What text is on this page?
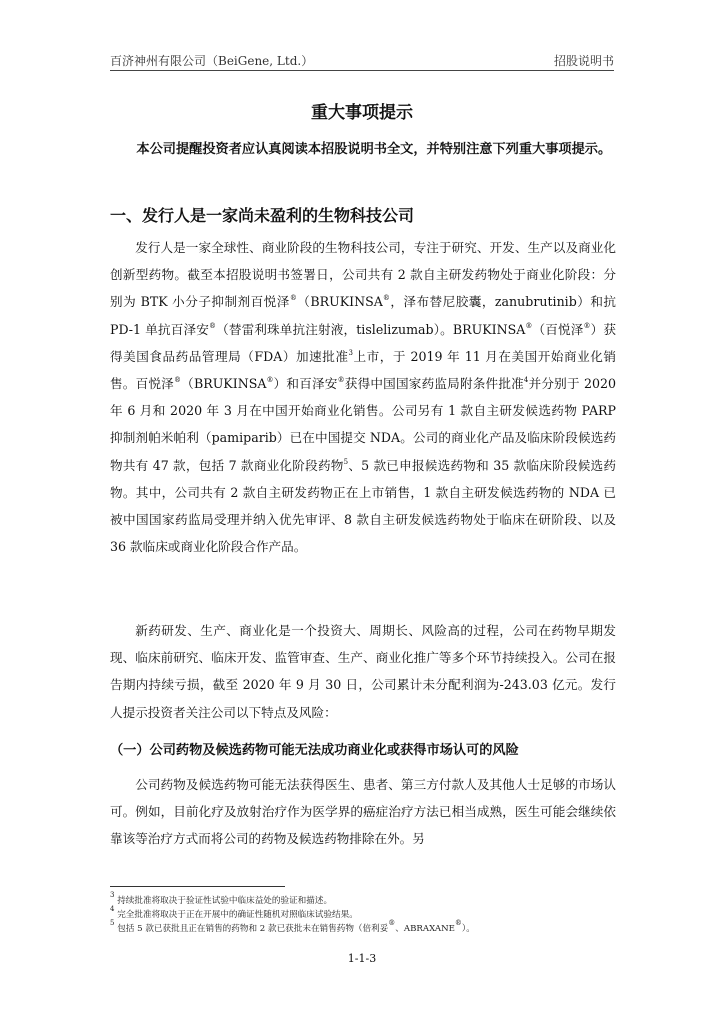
百济神州有限公司（BeiGene, Ltd.）	招股说明书
重大事项提示
本公司提醒投资者应认真阅读本招股说明书全文，并特别注意下列重大事项提示。
一、发行人是一家尚未盈利的生物科技公司
发行人是一家全球性、商业阶段的生物科技公司，专注于研究、开发、生产以及商业化创新型药物。截至本招股说明书签署日，公司共有 2 款自主研发药物处于商业化阶段：分别为 BTK 小分子抑制剂百悦泽®（BRUKINSA®，泽布替尼胶囊，zanubrutinib）和抗 PD-1 单抗百泽安®（替雷利珠单抗注射液，tislelizumab）。BRUKINSA®（百悦泽®）获得美国食品药品管理局（FDA）加速批准$^3$上市，于 2019 年 11 月在美国开始商业化销售。百悦泽®（BRUKINSA®）和百泽安®获得中国国家药监局附条件批准$^4$并分别于 2020 年 6 月和 2020 年 3 月在中国开始商业化销售。公司另有 1 款自主研发候选药物 PARP 抑制剂帕米帕利（pamiparib）已在中国提交 NDA。公司的商业化产品及临床阶段候选药物共有 47 款，包括 7 款商业化阶段药物$^5$、5 款已申报候选药物和 35 款临床阶段候选药物。其中，公司共有 2 款自主研发药物正在上市销售，1 款自主研发候选药物的 NDA 已被中国国家药监局受理并纳入优先审评、8 款自主研发候选药物处于临床在研阶段、以及 36 款临床或商业化阶段合作产品。
新药研发、生产、商业化是一个投资大、周期长、风险高的过程，公司在药物早期发现、临床前研究、临床开发、监管审查、生产、商业化推广等多个环节持续投入。公司在报告期内持续亏损，截至 2020 年 9 月 30 日，公司累计未分配利润为-243.03 亿元。发行人提示投资者关注公司以下特点及风险：
（一）公司药物及候选药物可能无法成功商业化或获得市场认可的风险
公司药物及候选药物可能无法获得医生、患者、第三方付款人及其他人士足够的市场认可。例如，目前化疗及放射治疗作为医学界的癌症治疗方法已相当成熟，医生可能会继续依靠该等治疗方式而将公司的药物及候选药物排除在外。另
$^3$ 持续批准将取决于验证性试验中临床益处的验证和描述。
$^4$ 完全批准将取决于正在开展中的确证性随机对照临床试验结果。
$^5$ 包括 5 款已获批且正在销售的药物和 2 款已获批未在销售药物（倍利妥®、ABRAXANE®）。
1-1-3
